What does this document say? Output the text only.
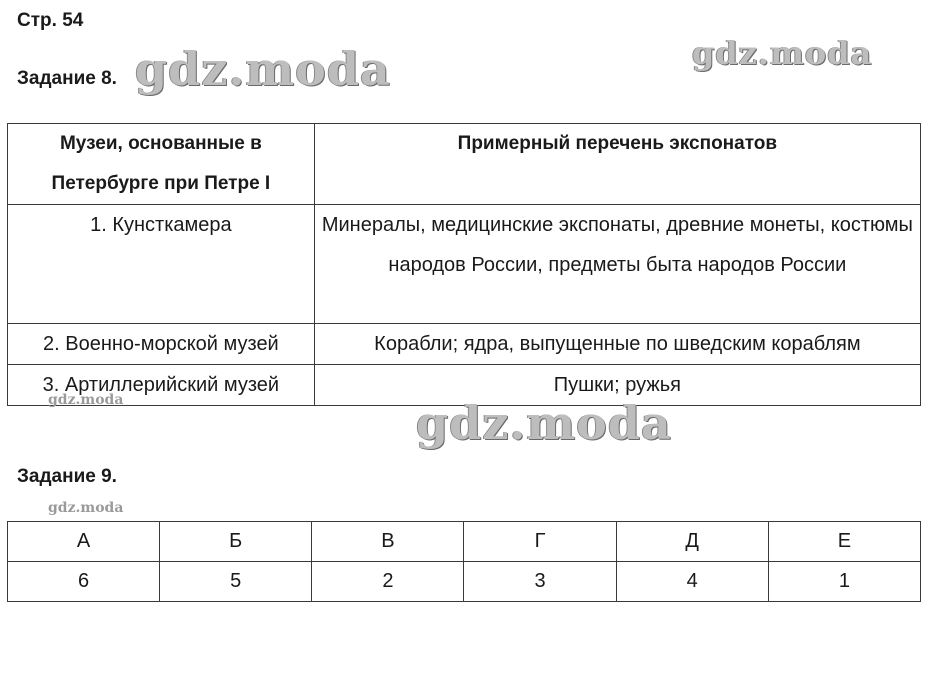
Стр. 54
Задание 8. gdz.moda	gdz.moda
Музеи, основанные в Петербурге при Петре I	Примерный перечень экспонатов
1. Кунсткамера	Минералы, медицинские экспонаты, древние монеты, костюмы народов России, предметы быта народов России
2. Военно-морской музей	Корабли; ядра, выпущенные по шведским кораблям
3. Артиллерийский музей	Пушки; ружья
gdz.moda	gdz.moda
Задание 9.
gdz.moda
А	Б	В	Г	Д	Е
6	5	2	3	4	1
